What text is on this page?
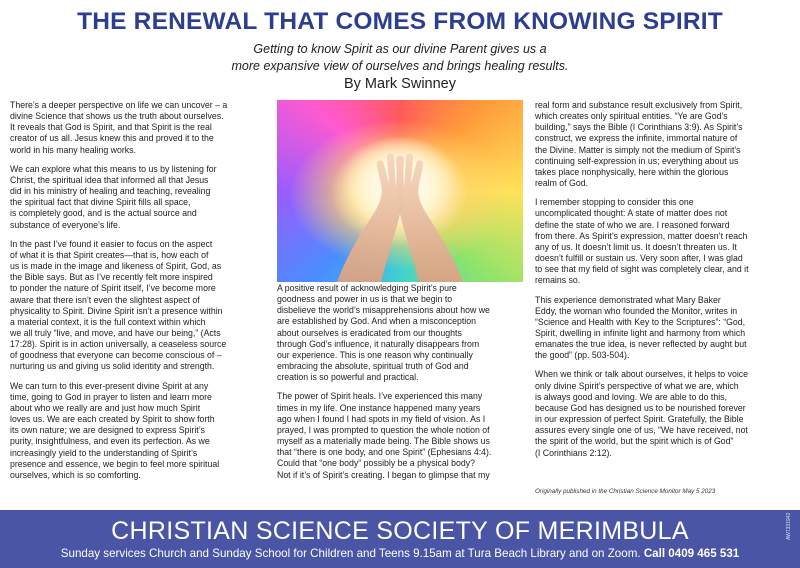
THE RENEWAL THAT COMES FROM KNOWING SPIRIT
Getting to know Spirit as our divine Parent gives us a
more expansive view of ourselves and brings healing results.
By Mark Swinney

There’s a deeper perspective on life we can uncover – a
divine Science that shows us the truth about ourselves.
It reveals that God is Spirit, and that Spirit is the real
creator of us all. Jesus knew this and proved it to the
world in his many healing works.

We can explore what this means to us by listening for
Christ, the spiritual idea that informed all that Jesus
did in his ministry of healing and teaching, revealing
the spiritual fact that divine Spirit fills all space,
is completely good, and is the actual source and
substance of everyone’s life.

In the past I’ve found it easier to focus on the aspect
of what it is that Spirit creates—that is, how each of
us is made in the image and likeness of Spirit, God, as
the Bible says. But as I’ve recently felt more inspired
to ponder the nature of Spirit itself, I’ve become more
aware that there isn’t even the slightest aspect of
physicality to Spirit. Divine Spirit isn’t a presence within
a material context, it is the full context within which
we all truly “live, and move, and have our being,” (Acts
17:28). Spirit is in action universally, a ceaseless source
of goodness that everyone can become conscious of –
nurturing us and giving us solid identity and strength.

We can turn to this ever-present divine Spirit at any
time, going to God in prayer to listen and learn more
about who we really are and just how much Spirit
loves us. We are each created by Spirit to show forth
its own nature; we are designed to express Spirit’s
purity, insightfulness, and even its perfection. As we
increasingly yield to the understanding of Spirit’s
presence and essence, we begin to feel more spiritual
ourselves, which is so comforting.

A positive result of acknowledging Spirit’s pure
goodness and power in us is that we begin to
disbelieve the world’s misapprehensions about how we
are established by God. And when a misconception
about ourselves is eradicated from our thoughts
through God’s influence, it naturally disappears from
our experience. This is one reason why continually
embracing the absolute, spiritual truth of God and
creation is so powerful and practical.

The power of Spirit heals. I’ve experienced this many
times in my life. One instance happened many years
ago when I found I had spots in my field of vision. As I
prayed, I was prompted to question the whole notion of
myself as a materially made being. The Bible shows us
that “there is one body, and one Spirit” (Ephesians 4:4).
Could that “one body” possibly be a physical body?
Not if it’s of Spirit’s creating. I began to glimpse that my

real form and substance result exclusively from Spirit,
which creates only spiritual entities. “Ye are God’s
building,” says the Bible (I Corinthians 3:9). As Spirit’s
construct, we express the infinite, immortal nature of
the Divine. Matter is simply not the medium of Spirit’s
continuing self-expression in us; everything about us
takes place nonphysically, here within the glorious
realm of God.

I remember stopping to consider this one
uncomplicated thought: A state of matter does not
define the state of who we are. I reasoned forward
from there. As Spirit’s expression, matter doesn’t reach
any of us. It doesn’t limit us. It doesn’t threaten us. It
doesn’t fulfill or sustain us. Very soon after, I was glad
to see that my field of sight was completely clear, and it
remains so.

This experience demonstrated what Mary Baker
Eddy, the woman who founded the Monitor, writes in
“Science and Health with Key to the Scriptures”: “God,
Spirit, dwelling in infinite light and harmony from which
emanates the true idea, is never reflected by aught but
the good” (pp. 503-504).

When we think or talk about ourselves, it helps to voice
only divine Spirit’s perspective of what we are, which
is always good and loving. We are able to do this,
because God has designed us to be nourished forever
in our expression of perfect Spirit. Gratefully, the Bible
assures every single one of us, “We have received, not
the spirit of the world, but the spirit which is of God”
(I Corinthians 2:12).

Originally published in the Christian Science Monitor May 5 2023
CHRISTIAN SCIENCE SOCIETY OF MERIMBULA
Sunday services Church and Sunday School for Children and Teens 9.15am at Tura Beach Library and on Zoom. Call 0409 465 531
AW7331942
